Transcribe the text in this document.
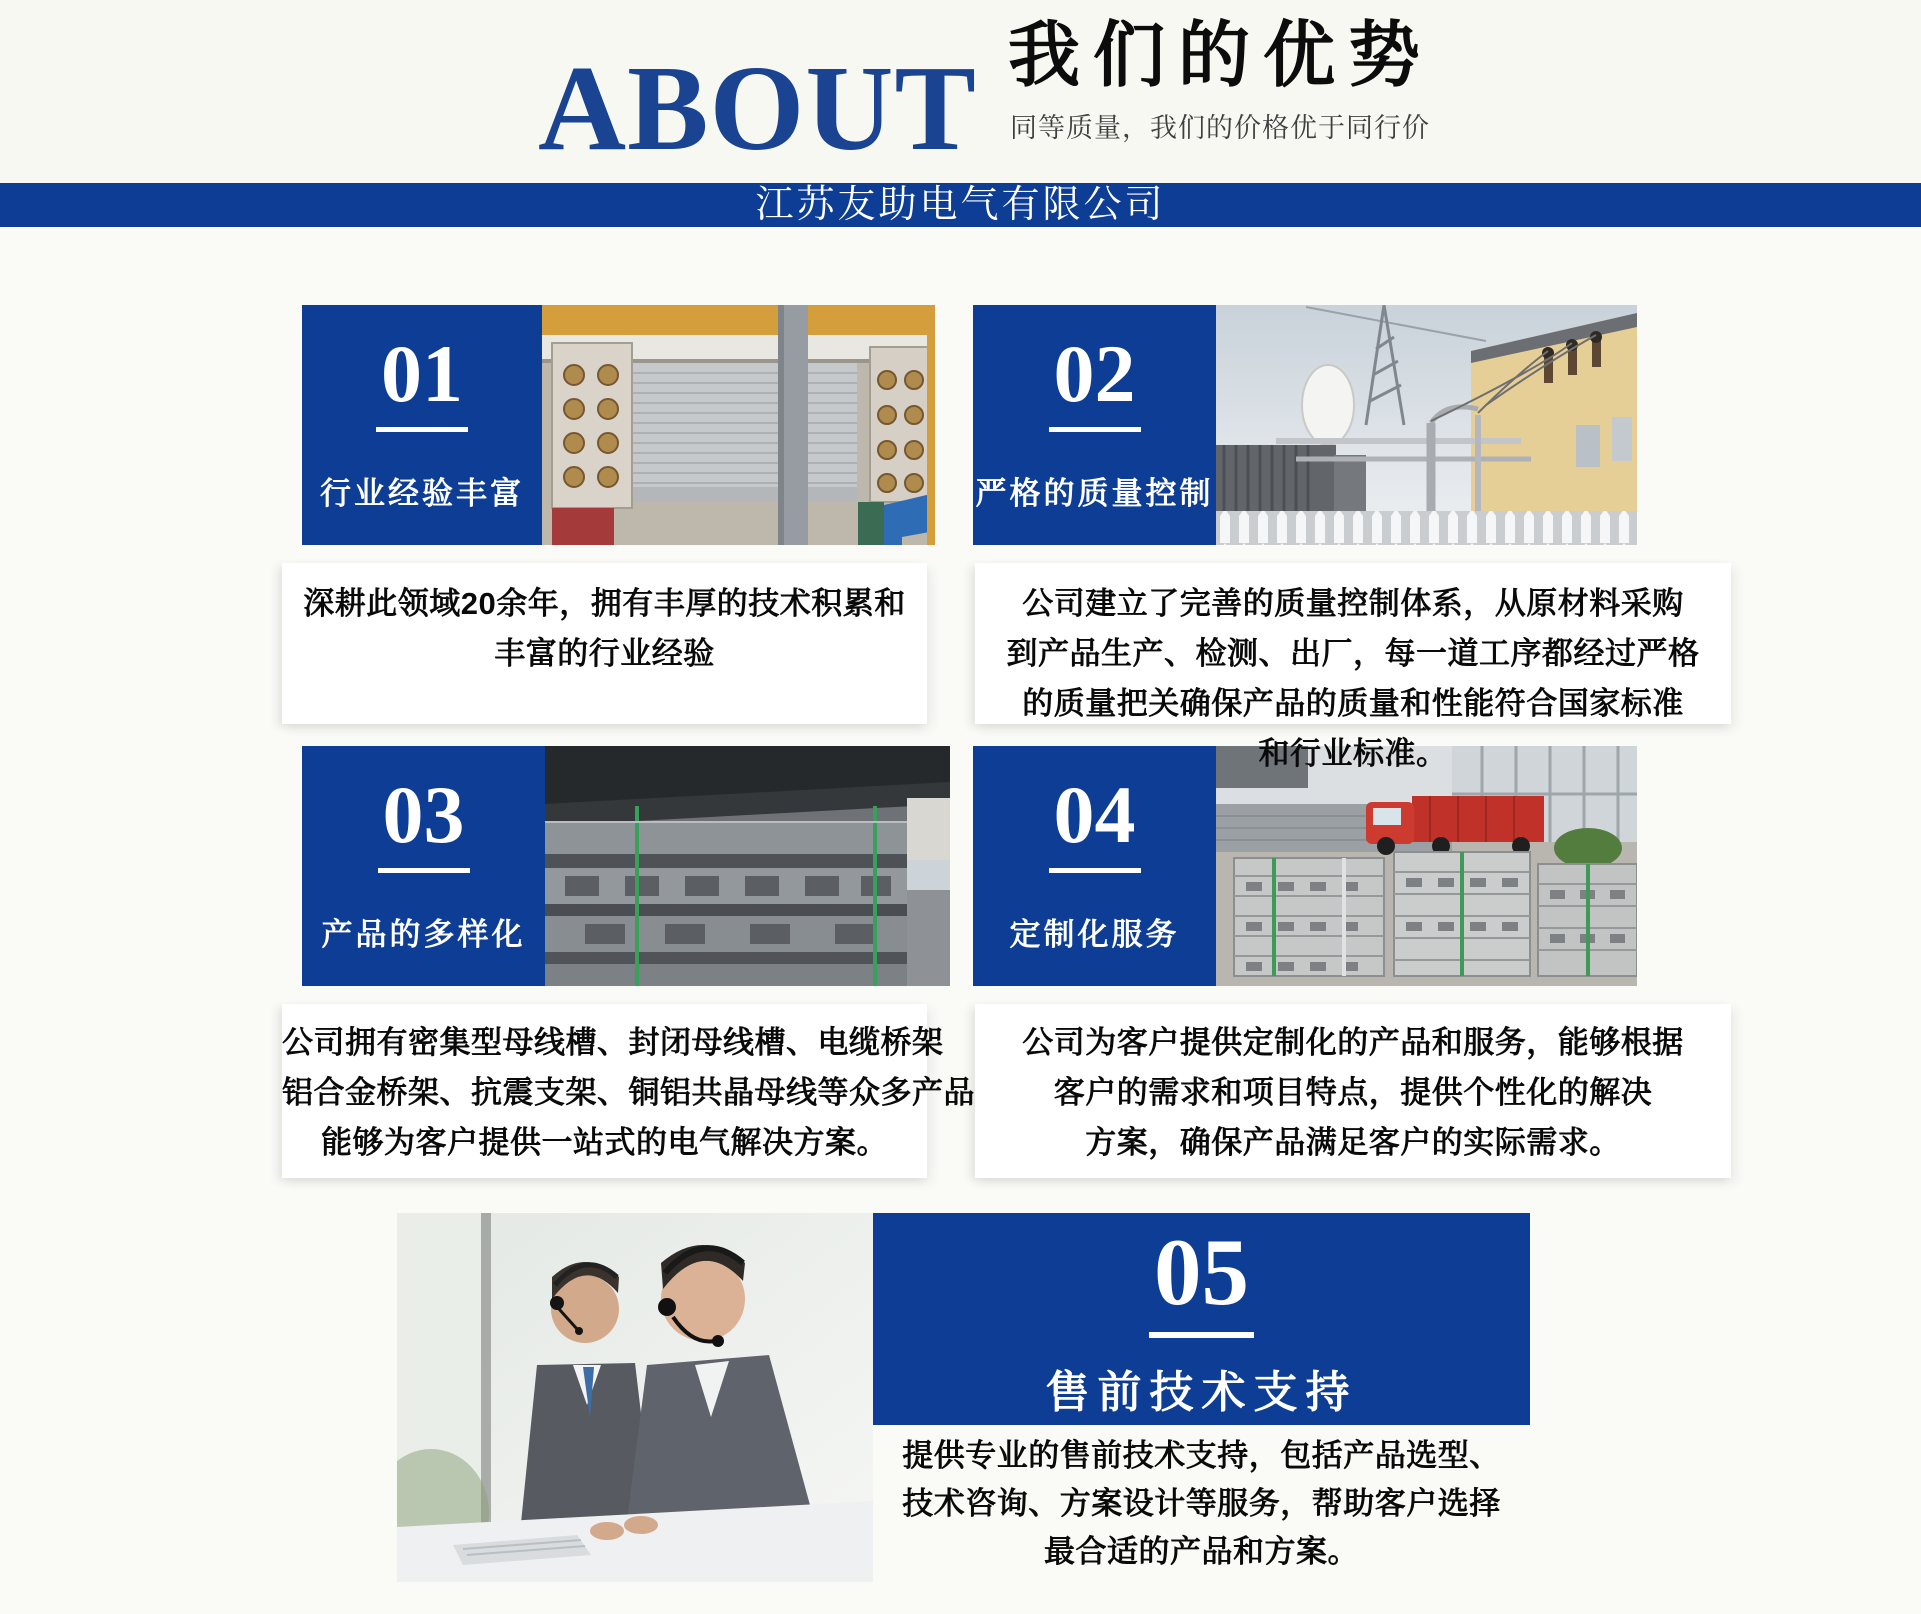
ABOUT 我们的优势

同等质量，我们的价格优于同行价

江苏友助电气有限公司
01
行业经验丰富
02
严格的质量控制
深耕此领域20余年，拥有丰厚的技术积累和
丰富的行业经验
公司建立了完善的质量控制体系，从原材料采购
到产品生产、检测、出厂，每一道工序都经过严格
的质量把关确保产品的质量和性能符合国家标准
和行业标准。
03
产品的多样化
04
定制化服务
公司拥有密集型母线槽、封闭母线槽、电缆桥架
铝合金桥架、抗震支架、铜铝共晶母线等众多产品
能够为客户提供一站式的电气解决方案。
公司为客户提供定制化的产品和服务，能够根据
客户的需求和项目特点，提供个性化的解决
方案，确保产品满足客户的实际需求。
05
售前技术支持
提供专业的售前技术支持，包括产品选型、
技术咨询、方案设计等服务，帮助客户选择
最合适的产品和方案。
